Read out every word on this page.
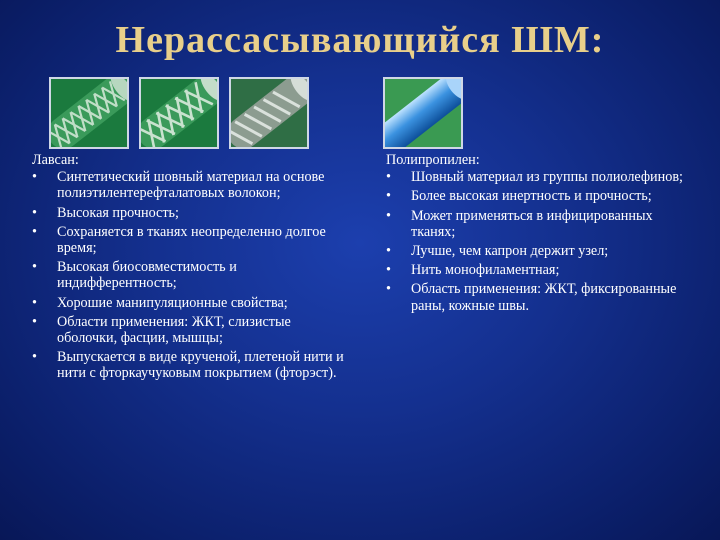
Нерассасывающийся ШМ:
Лавсан:
• Синтетический шовный материал на основе полиэтилентерефталатовых волокон;
• Высокая прочность;
• Сохраняется в тканях неопределенно долгое время;
• Высокая биосовместимость и индифферентность;
• Хорошие манипуляционные свойства;
• Области применения: ЖКТ, слизистые оболочки, фасции, мышцы;
• Выпускается в виде крученой, плетеной нити и нити с фторкаучуковым покрытием (фторэст).
Полипропилен:
• Шовный материал из группы полиолефинов;
• Более высокая инертность и прочность;
• Может применяться в инфицированных тканях;
• Лучше, чем капрон держит узел;
• Нить монофиламентная;
• Область применения: ЖКТ, фиксированные раны, кожные швы.
